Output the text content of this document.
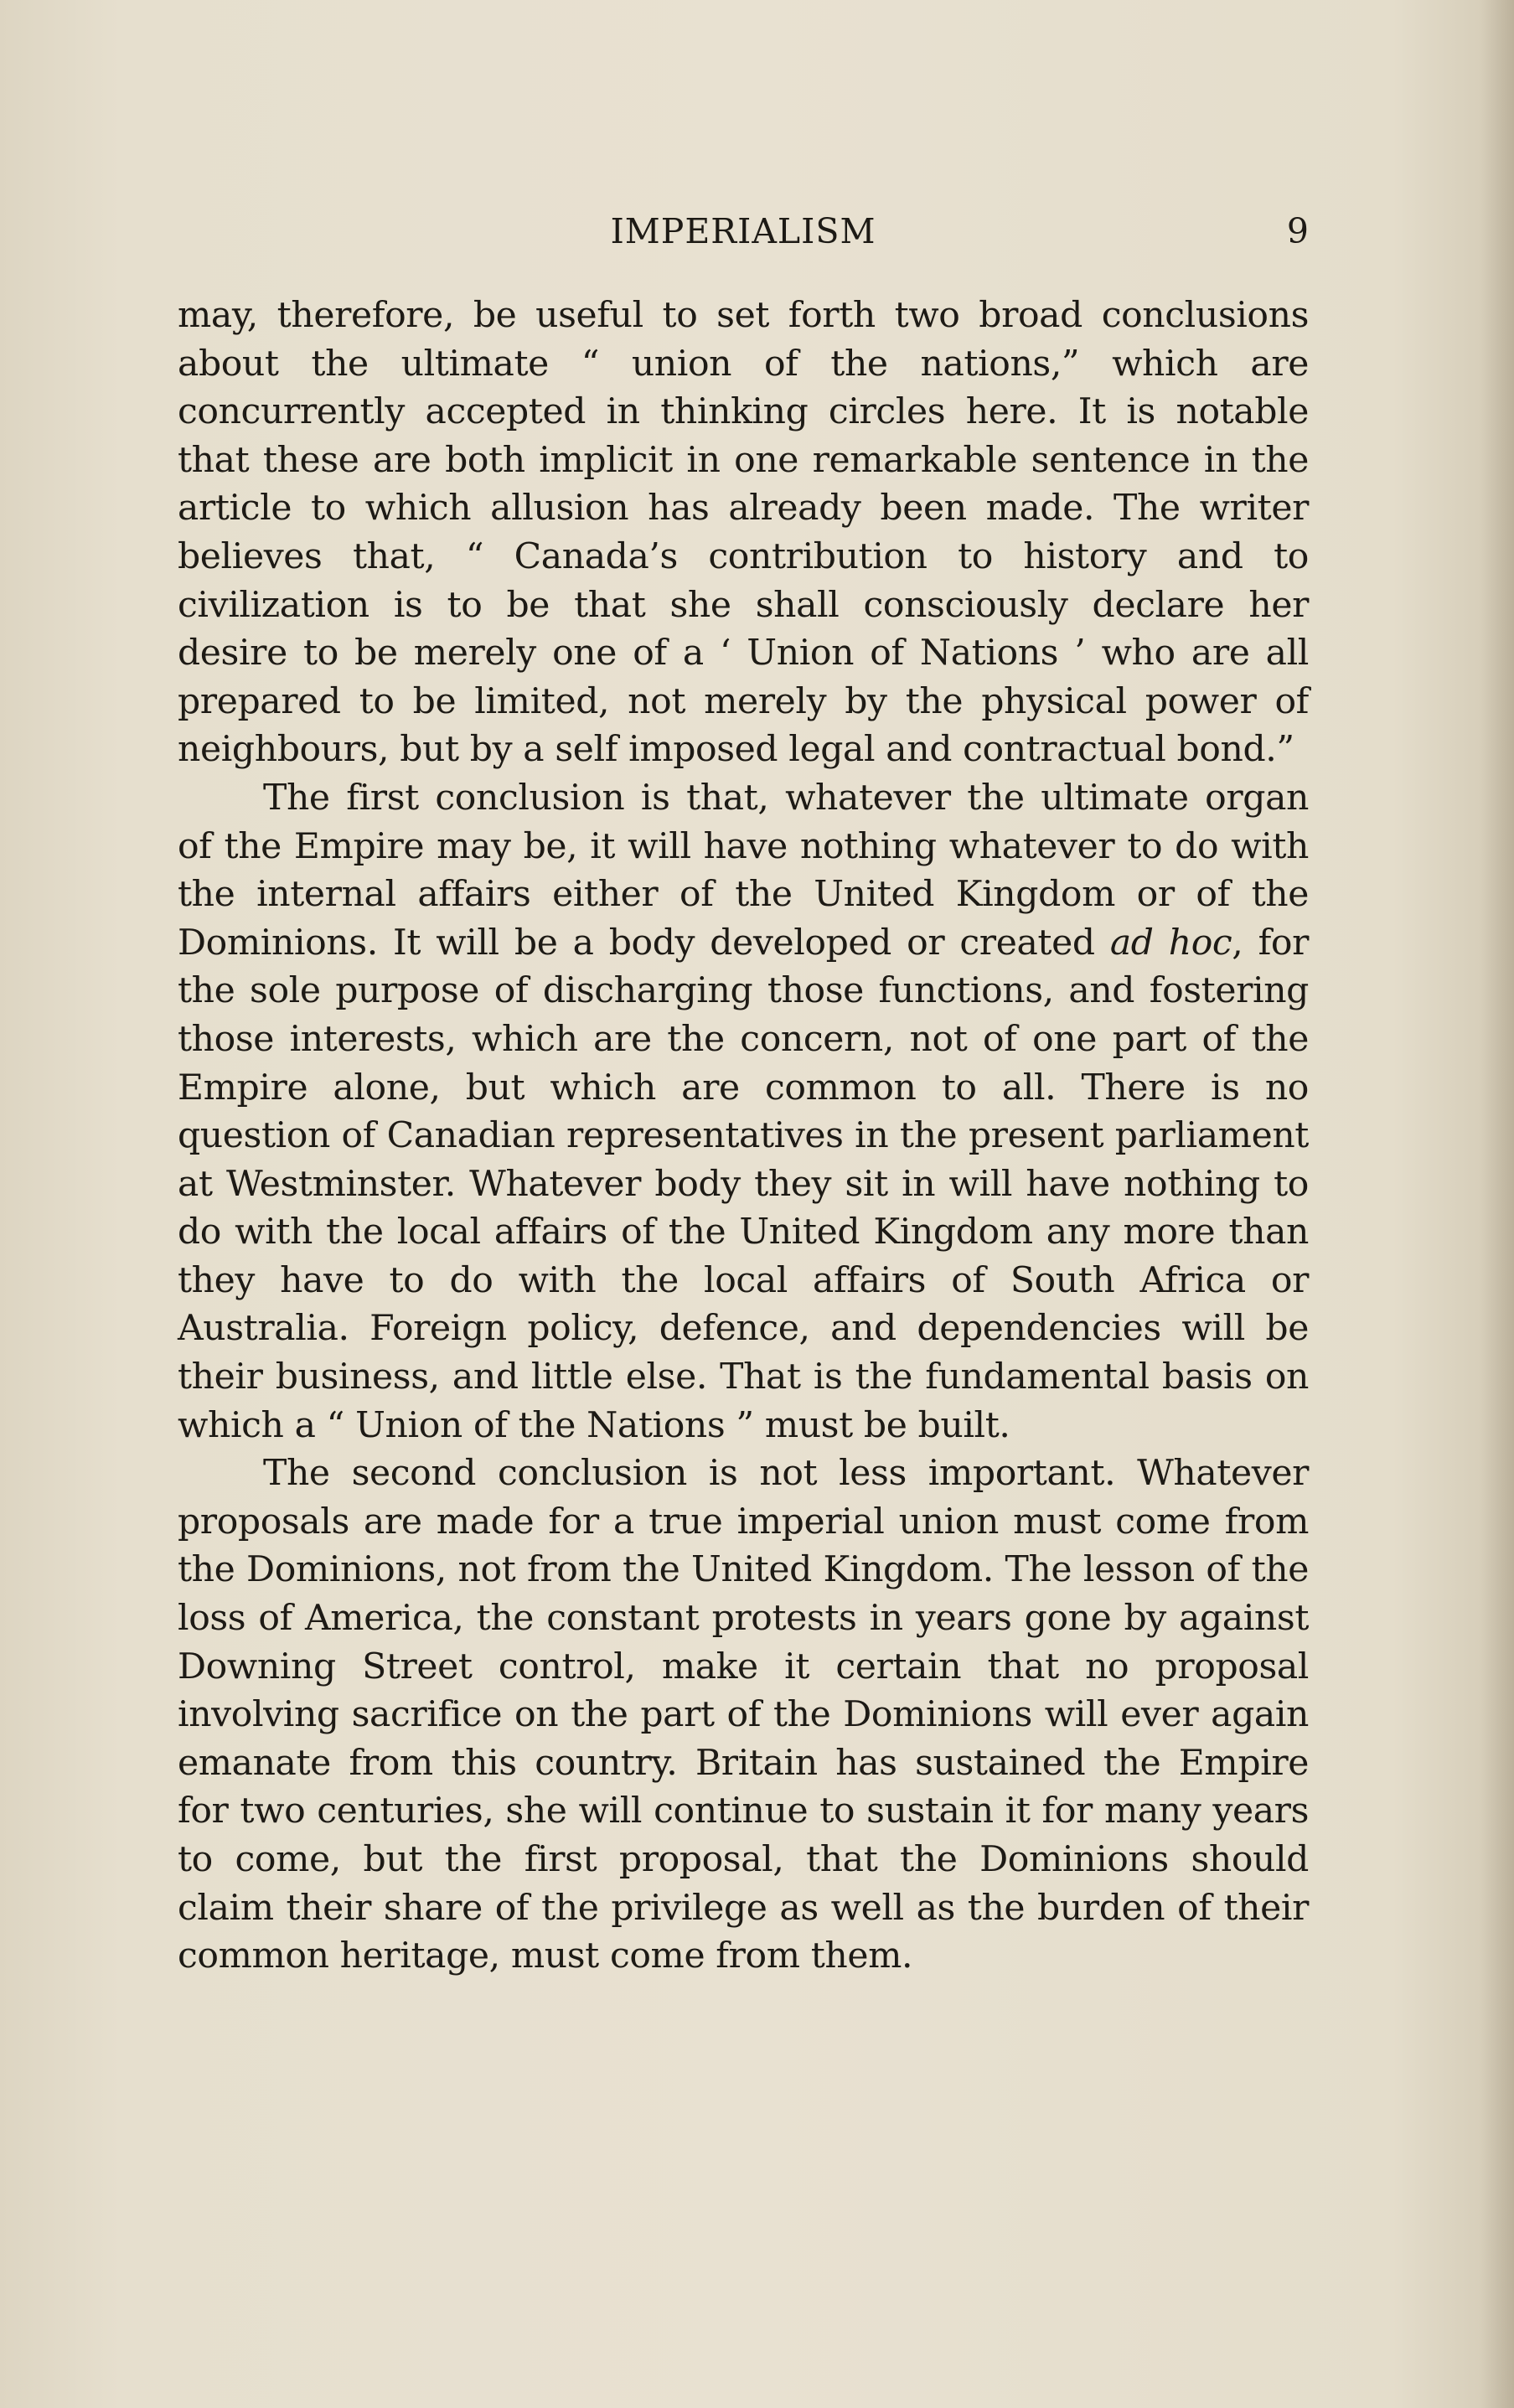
IMPERIALISM	9

may, therefore, be useful to set forth two broad conclusions about the ultimate “ union of the nations,” which are concurrently accepted in thinking circles here. It is notable that these are both implicit in one remarkable sentence in the article to which allusion has already been made. The writer believes that, “ Canada’s contribution to history and to civilization is to be that she shall consciously declare her desire to be merely one of a ‘ Union of Nations ’ who are all prepared to be limited, not merely by the physical power of neighbours, but by a self imposed legal and contractual bond.”

The first conclusion is that, whatever the ultimate organ of the Empire may be, it will have nothing whatever to do with the internal affairs either of the United Kingdom or of the Dominions. It will be a body developed or created ad hoc, for the sole purpose of discharging those functions, and fostering those interests, which are the concern, not of one part of the Empire alone, but which are common to all. There is no question of Canadian representatives in the present parliament at Westminster. Whatever body they sit in will have nothing to do with the local affairs of the United Kingdom any more than they have to do with the local affairs of South Africa or Australia. Foreign policy, defence, and dependencies will be their business, and little else. That is the fundamental basis on which a “ Union of the Nations ” must be built.

The second conclusion is not less important. Whatever proposals are made for a true imperial union must come from the Dominions, not from the United Kingdom. The lesson of the loss of America, the constant protests in years gone by against Downing Street control, make it certain that no proposal involving sacrifice on the part of the Dominions will ever again emanate from this country. Britain has sustained the Empire for two centuries, she will continue to sustain it for many years to come, but the first proposal, that the Dominions should claim their share of the privilege as well as the burden of their common heritage, must come from them.
